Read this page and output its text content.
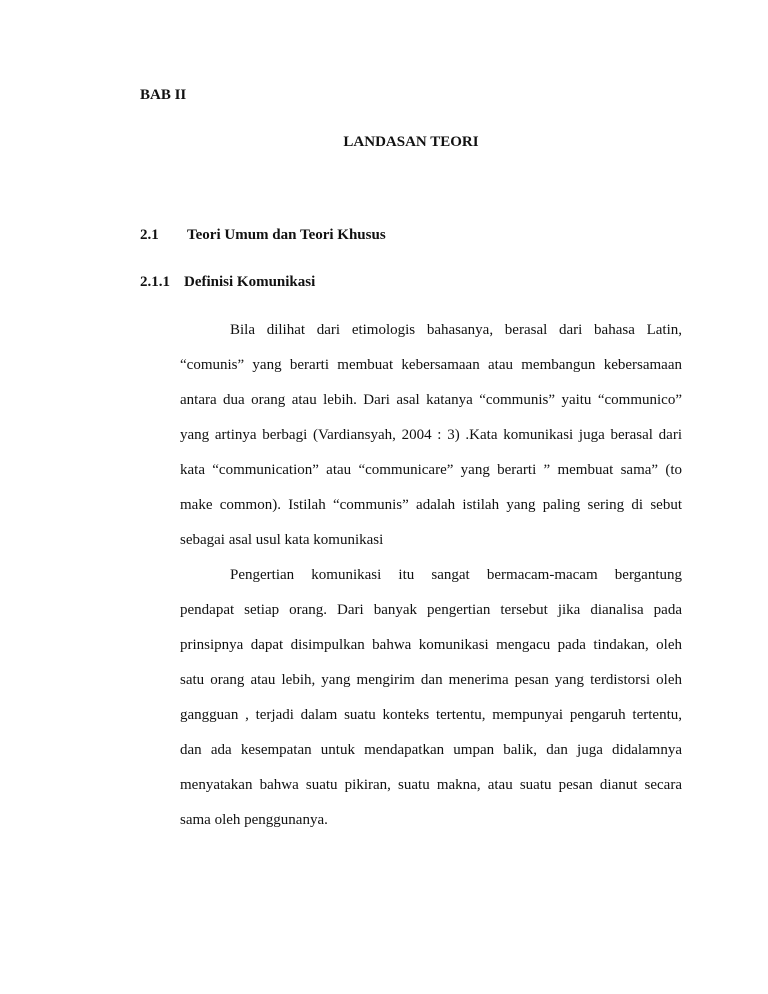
BAB II
LANDASAN TEORI
2.1 Teori Umum dan Teori Khusus
2.1.1 Definisi Komunikasi
Bila dilihat dari etimologis bahasanya, berasal dari bahasa Latin,
“comunis” yang berarti membuat kebersamaan atau membangun kebersamaan
antara dua orang atau lebih. Dari asal katanya “communis” yaitu “communico”
yang artinya berbagi (Vardiansyah, 2004 : 3) .Kata komunikasi juga berasal dari
kata “communication” atau “communicare” yang berarti ” membuat sama” (to
make common). Istilah “communis” adalah istilah yang paling sering di sebut
sebagai asal usul kata komunikasi
Pengertian komunikasi itu sangat bermacam-macam bergantung
pendapat setiap orang. Dari banyak pengertian tersebut jika dianalisa pada
prinsipnya dapat disimpulkan bahwa komunikasi mengacu pada tindakan, oleh
satu orang atau lebih, yang mengirim dan menerima pesan yang terdistorsi oleh
gangguan , terjadi dalam suatu konteks tertentu, mempunyai pengaruh tertentu,
dan ada kesempatan untuk mendapatkan umpan balik, dan juga didalamnya
menyatakan bahwa suatu pikiran, suatu makna, atau suatu pesan dianut secara
sama oleh penggunanya.
